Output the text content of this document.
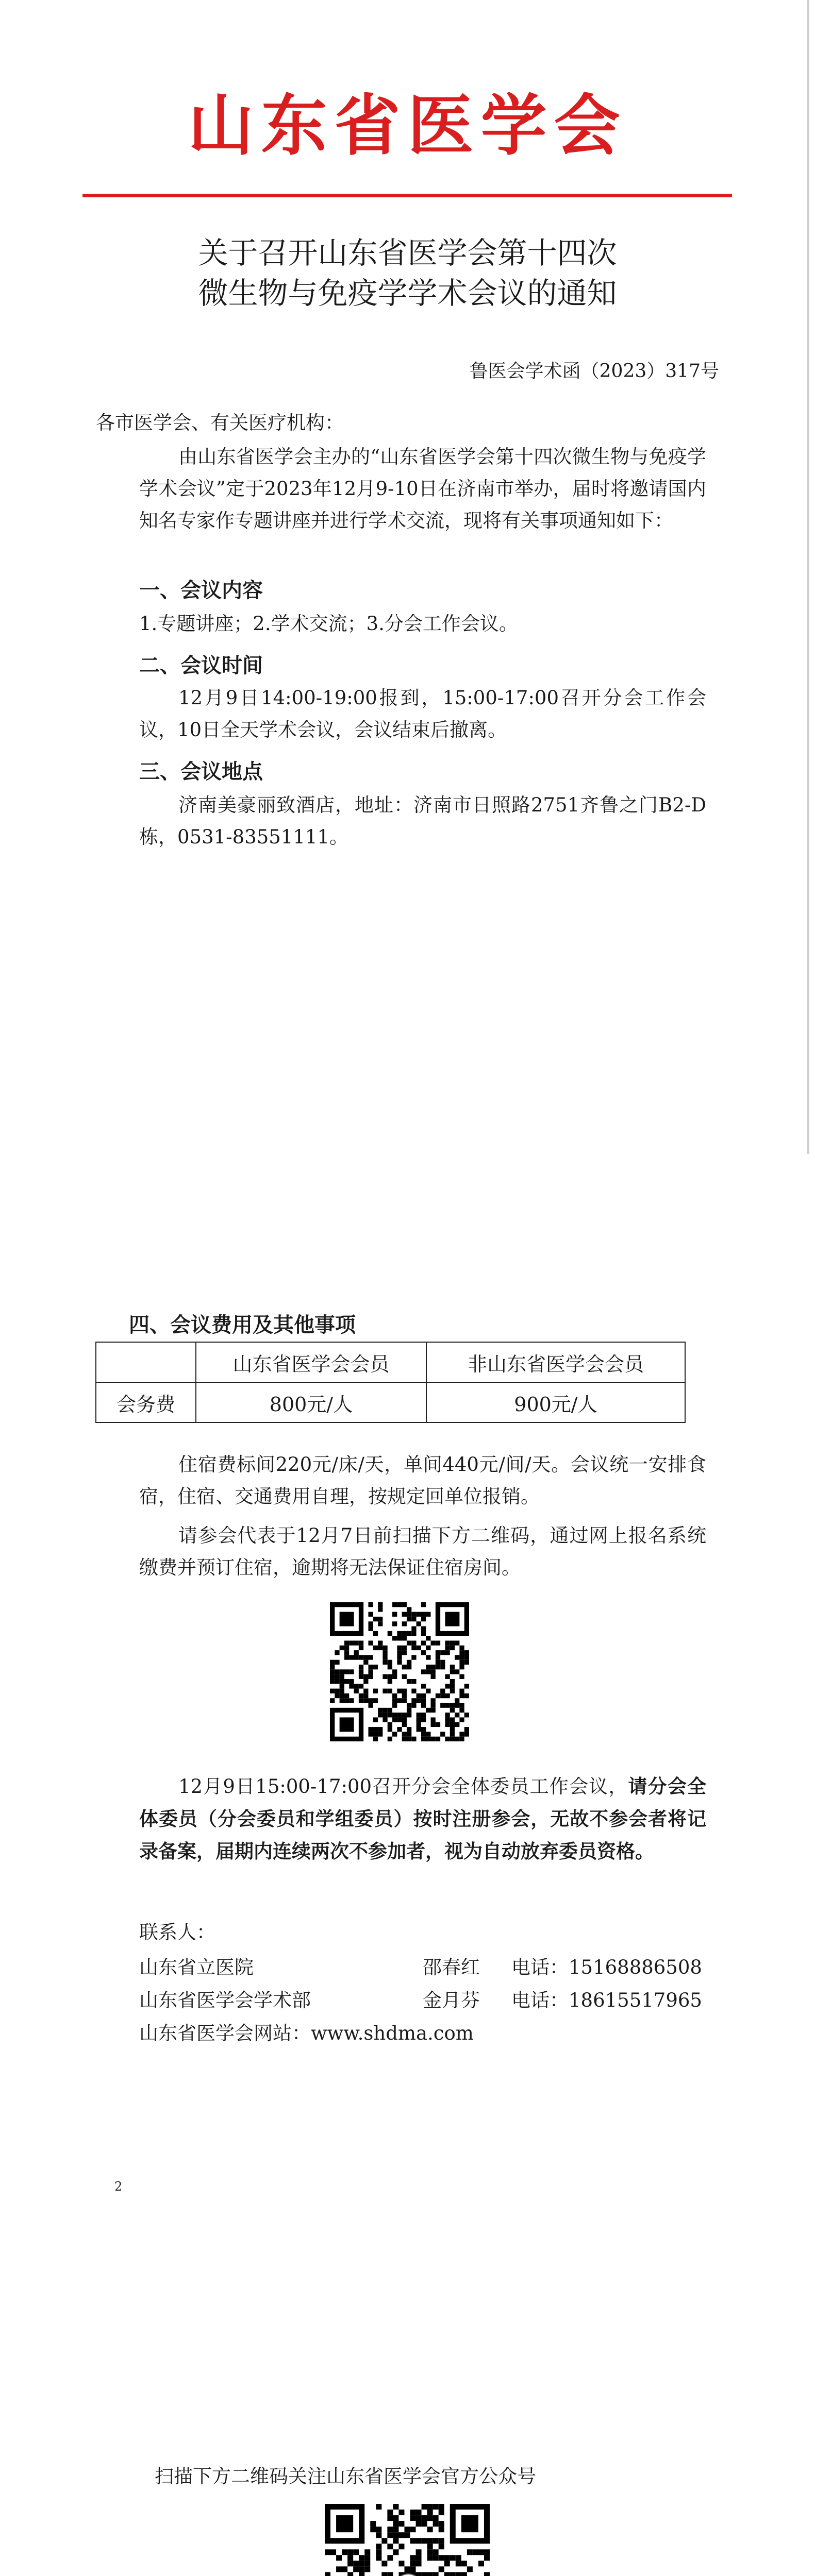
山东省医学会
关于召开山东省医学会第十四次
微生物与免疫学学术会议的通知
鲁医会学术函（2023）317号
各市医学会、有关医疗机构：
由山东省医学会主办的“山东省医学会第十四次微生物与免疫学学术会议”定于2023年12月9-10日在济南市举办，届时将邀请国内知名专家作专题讲座并进行学术交流，现将有关事项通知如下：
一、会议内容
1.专题讲座；2.学术交流；3.分会工作会议。
二、会议时间
12月9日14:00-19:00报到，15:00-17:00召开分会工作会议，10日全天学术会议，会议结束后撤离。
三、会议地点
济南美豪丽致酒店，地址：济南市日照路2751齐鲁之门B2-D栋，0531-83551111。
四、会议费用及其他事项
	山东省医学会会员	非山东省医学会会员
会务费	800元/人	900元/人
住宿费标间220元/床/天，单间440元/间/天。会议统一安排食宿，住宿、交通费用自理，按规定回单位报销。
请参会代表于12月7日前扫描下方二维码，通过网上报名系统缴费并预订住宿，逾期将无法保证住宿房间。
12月9日15:00-17:00召开分会全体委员工作会议，请分会全体委员（分会委员和学组委员）按时注册参会，无故不参会者将记录备案，届期内连续两次不参加者，视为自动放弃委员资格。
联系人：
山东省立医院	邵春红 电话：15168886508
山东省医学会学术部	金月芬 电话：18615517965
山东省医学会网站：www.shdma.com
2
扫描下方二维码关注山东省医学会官方公众号
